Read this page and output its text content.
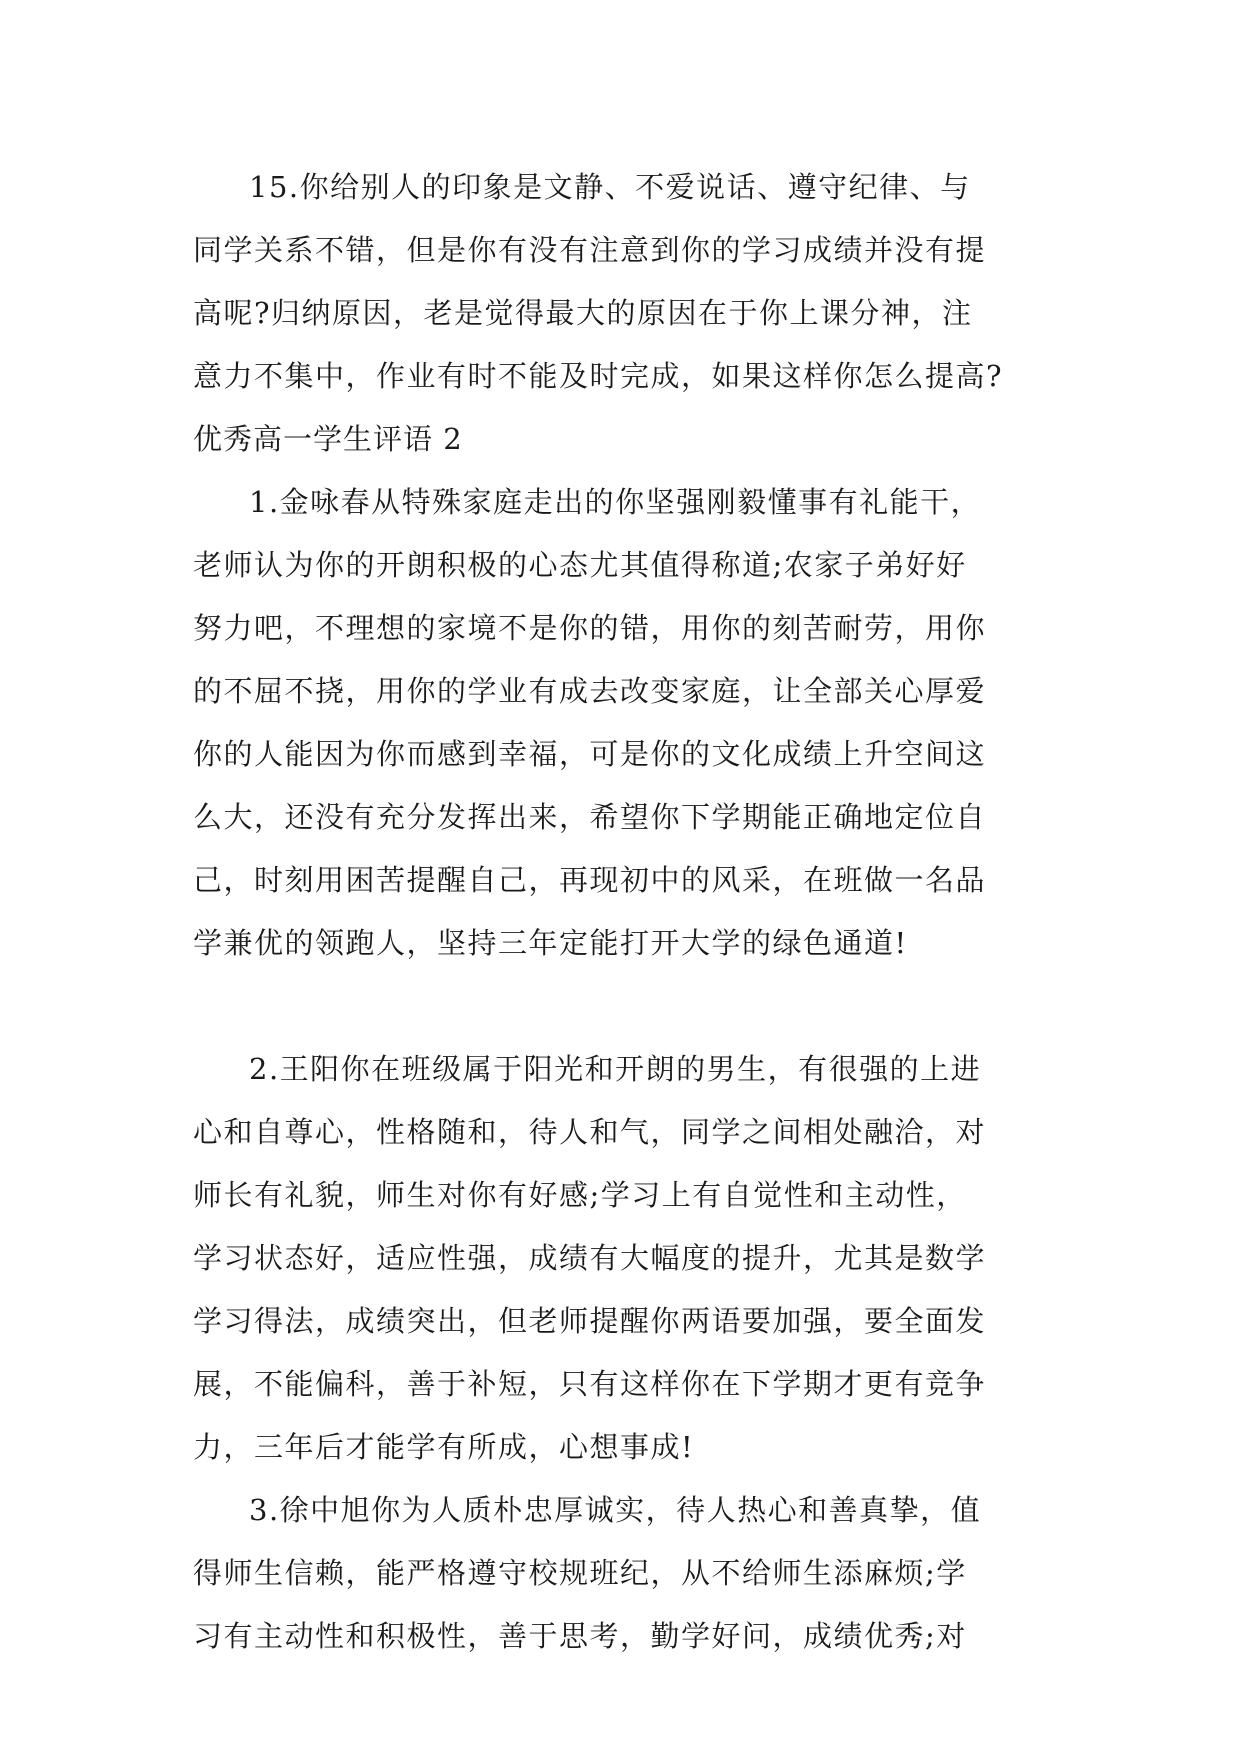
15.你给别人的印象是文静、不爱说话、遵守纪律、与
同学关系不错，但是你有没有注意到你的学习成绩并没有提
高呢?归纳原因，老是觉得最大的原因在于你上课分神，注
意力不集中，作业有时不能及时完成，如果这样你怎么提高?
优秀高一学生评语 2
1.金咏春从特殊家庭走出的你坚强刚毅懂事有礼能干，
老师认为你的开朗积极的心态尤其值得称道;农家子弟好好
努力吧，不理想的家境不是你的错，用你的刻苦耐劳，用你
的不屈不挠，用你的学业有成去改变家庭，让全部关心厚爱
你的人能因为你而感到幸福，可是你的文化成绩上升空间这
么大，还没有充分发挥出来，希望你下学期能正确地定位自
己，时刻用困苦提醒自己，再现初中的风采，在班做一名品
学兼优的领跑人，坚持三年定能打开大学的绿色通道!
2.王阳你在班级属于阳光和开朗的男生，有很强的上进
心和自尊心，性格随和，待人和气，同学之间相处融洽，对
师长有礼貌，师生对你有好感;学习上有自觉性和主动性，
学习状态好，适应性强，成绩有大幅度的提升，尤其是数学
学习得法，成绩突出，但老师提醒你两语要加强，要全面发
展，不能偏科，善于补短，只有这样你在下学期才更有竞争
力，三年后才能学有所成，心想事成!
3.徐中旭你为人质朴忠厚诚实，待人热心和善真挚，值
得师生信赖，能严格遵守校规班纪，从不给师生添麻烦;学
习有主动性和积极性，善于思考，勤学好问，成绩优秀;对
